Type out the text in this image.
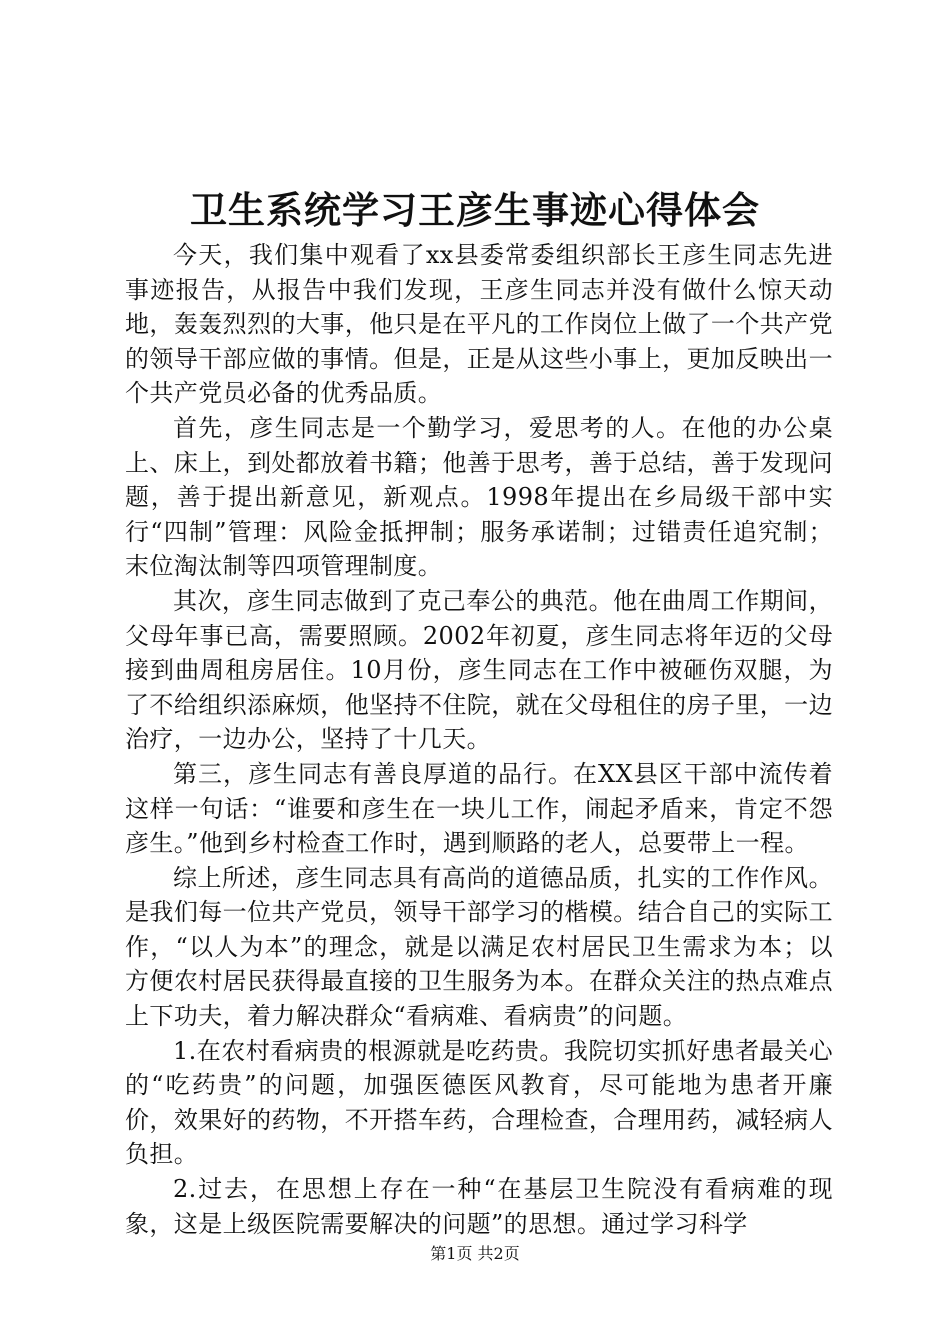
卫生系统学习王彦生事迹心得体会

今天，我们集中观看了xx县委常委组织部长王彦生同志先进事迹报告，从报告中我们发现，王彦生同志并没有做什么惊天动地，轰轰烈烈的大事，他只是在平凡的工作岗位上做了一个共产党的领导干部应做的事情。但是，正是从这些小事上，更加反映出一个共产党员必备的优秀品质。

首先，彦生同志是一个勤学习，爱思考的人。在他的办公桌上、床上，到处都放着书籍；他善于思考，善于总结，善于发现问题，善于提出新意见，新观点。1998年提出在乡局级干部中实行“四制”管理：风险金抵押制；服务承诺制；过错责任追究制；末位淘汰制等四项管理制度。

其次，彦生同志做到了克己奉公的典范。他在曲周工作期间，父母年事已高，需要照顾。2002年初夏，彦生同志将年迈的父母接到曲周租房居住。10月份，彦生同志在工作中被砸伤双腿，为了不给组织添麻烦，他坚持不住院，就在父母租住的房子里，一边治疗，一边办公，坚持了十几天。

第三，彦生同志有善良厚道的品行。在XX县区干部中流传着这样一句话：“谁要和彦生在一块儿工作，闹起矛盾来，肯定不怨彦生。”他到乡村检查工作时，遇到顺路的老人，总要带上一程。

综上所述，彦生同志具有高尚的道德品质，扎实的工作作风。是我们每一位共产党员，领导干部学习的楷模。结合自己的实际工作，“以人为本”的理念，就是以满足农村居民卫生需求为本；以方便农村居民获得最直接的卫生服务为本。在群众关注的热点难点上下功夫，着力解决群众“看病难、看病贵”的问题。

1.在农村看病贵的根源就是吃药贵。我院切实抓好患者最关心的“吃药贵”的问题，加强医德医风教育，尽可能地为患者开廉价，效果好的药物，不开搭车药，合理检查，合理用药，减轻病人负担。

2.过去，在思想上存在一种“在基层卫生院没有看病难的现象，这是上级医院需要解决的问题”的思想。通过学习科学

第1页 共2页
